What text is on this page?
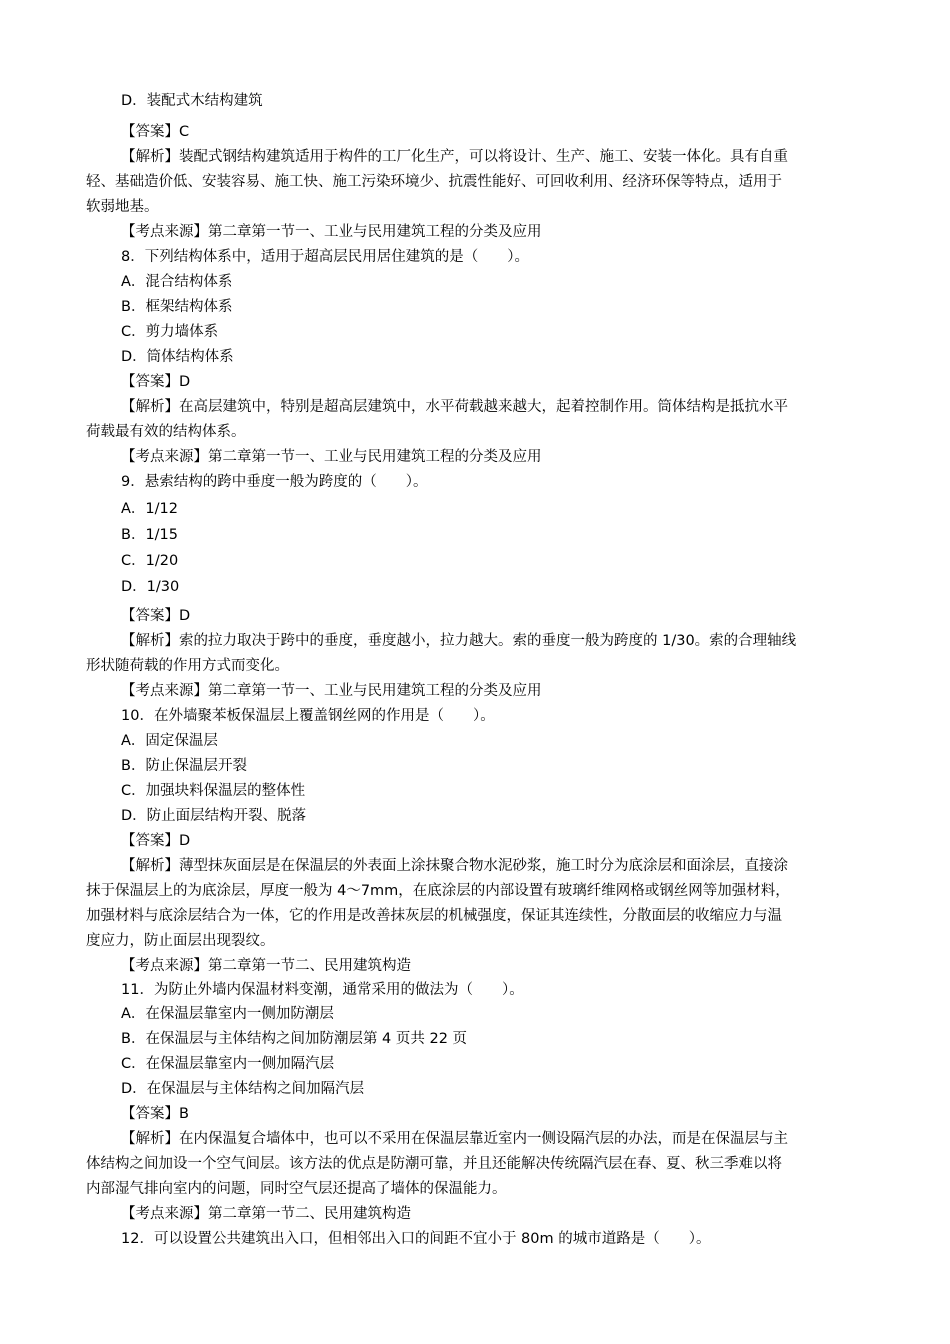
D．装配式木结构建筑
【答案】C
【解析】装配式钢结构建筑适用于构件的工厂化生产，可以将设计、生产、施工、安装一体化。具有自重
轻、基础造价低、安装容易、施工快、施工污染环境少、抗震性能好、可回收利用、经济环保等特点，适用于
软弱地基。
【考点来源】第二章第一节一、工业与民用建筑工程的分类及应用
8．下列结构体系中，适用于超高层民用居住建筑的是（　　）。
A．混合结构体系
B．框架结构体系
C．剪力墙体系
D．筒体结构体系
【答案】D
【解析】在高层建筑中，特别是超高层建筑中，水平荷载越来越大，起着控制作用。筒体结构是抵抗水平
荷载最有效的结构体系。
【考点来源】第二章第一节一、工业与民用建筑工程的分类及应用
9．悬索结构的跨中垂度一般为跨度的（　　）。
A．1/12
B．1/15
C．1/20
D．1/30
【答案】D
【解析】索的拉力取决于跨中的垂度，垂度越小，拉力越大。索的垂度一般为跨度的 1/30。索的合理轴线
形状随荷载的作用方式而变化。
【考点来源】第二章第一节一、工业与民用建筑工程的分类及应用
10．在外墙聚苯板保温层上覆盖钢丝网的作用是（　　）。
A．固定保温层
B．防止保温层开裂
C．加强块料保温层的整体性
D．防止面层结构开裂、脱落
【答案】D
【解析】薄型抹灰面层是在保温层的外表面上涂抹聚合物水泥砂浆，施工时分为底涂层和面涂层，直接涂
抹于保温层上的为底涂层，厚度一般为 4～7mm，在底涂层的内部设置有玻璃纤维网格或钢丝网等加强材料，
加强材料与底涂层结合为一体，它的作用是改善抹灰层的机械强度，保证其连续性，分散面层的收缩应力与温
度应力，防止面层出现裂纹。
【考点来源】第二章第一节二、民用建筑构造
11．为防止外墙内保温材料变潮，通常采用的做法为（　　）。
A．在保温层靠室内一侧加防潮层
B．在保温层与主体结构之间加防潮层第 4 页共 22 页
C．在保温层靠室内一侧加隔汽层
D．在保温层与主体结构之间加隔汽层
【答案】B
【解析】在内保温复合墙体中，也可以不采用在保温层靠近室内一侧设隔汽层的办法，而是在保温层与主
体结构之间加设一个空气间层。该方法的优点是防潮可靠，并且还能解决传统隔汽层在春、夏、秋三季难以将
内部湿气排向室内的问题，同时空气层还提高了墙体的保温能力。
【考点来源】第二章第一节二、民用建筑构造
12．可以设置公共建筑出入口，但相邻出入口的间距不宜小于 80m 的城市道路是（　　）。
